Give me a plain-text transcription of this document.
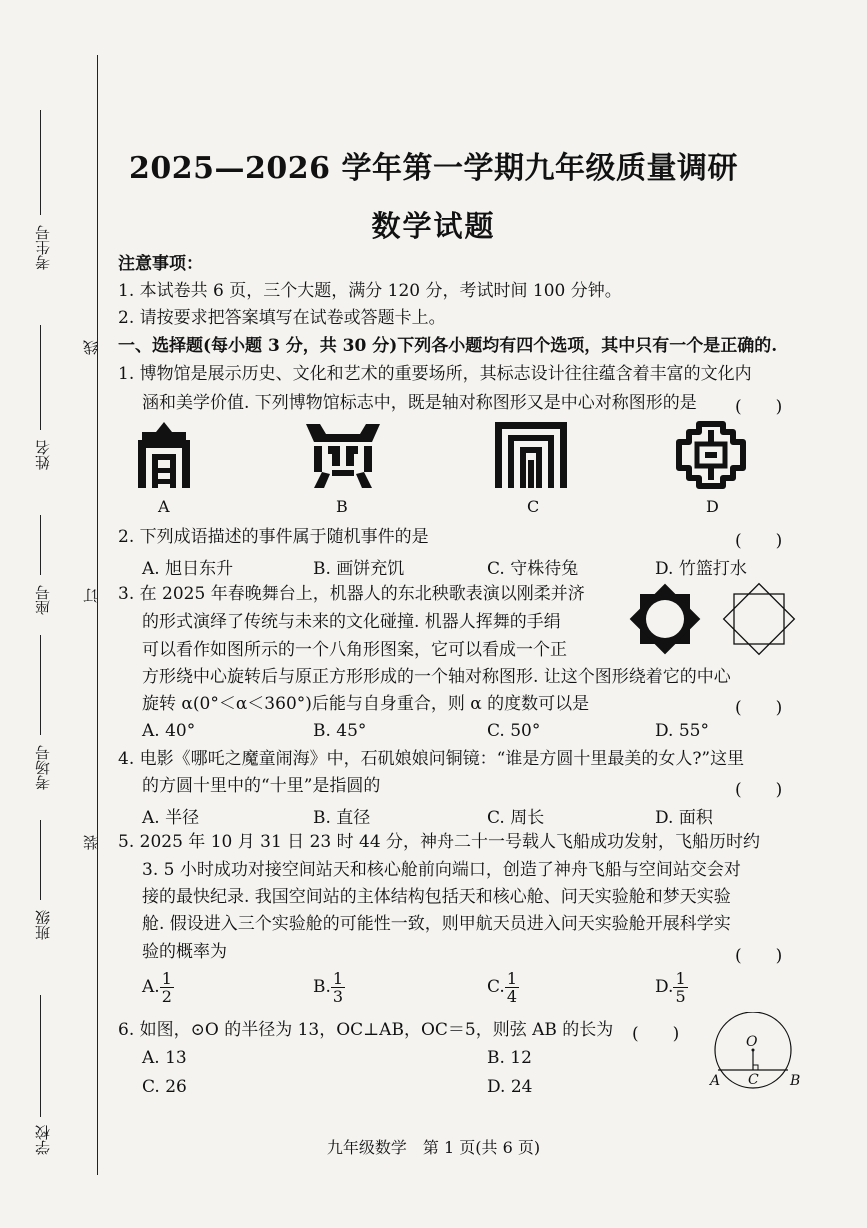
考生号
姓名
座号
考场号
班级
学校
线
订
装
2025—2026 学年第一学期九年级质量调研
数学试题
注意事项：
1. 本试卷共 6 页，三个大题，满分 120 分，考试时间 100 分钟。
2. 请按要求把答案填写在试卷或答题卡上。
一、选择题(每小题 3 分，共 30 分)下列各小题均有四个选项，其中只有一个是正确的.
1. 博物馆是展示历史、文化和艺术的重要场所，其标志设计往往蕴含着丰富的文化内
涵和美学价值. 下列博物馆标志中，既是轴对称图形又是中心对称图形的是 (　　)
A	B	C	D
2. 下列成语描述的事件属于随机事件的是	(　　)
A. 旭日东升	B. 画饼充饥	C. 守株待兔	D. 竹篮打水
3. 在 2025 年春晚舞台上，机器人的东北秧歌表演以刚柔并济
的形式演绎了传统与未来的文化碰撞. 机器人挥舞的手绢
可以看作如图所示的一个八角形图案，它可以看成一个正
方形绕中心旋转后与原正方形形成的一个轴对称图形. 让这个图形绕着它的中心
旋转 α(0°＜α＜360°)后能与自身重合，则 α 的度数可以是	(　　)
A. 40°	B. 45°	C. 50°	D. 55°
4. 电影《哪吒之魔童闹海》中，石矶娘娘问铜镜：“谁是方圆十里最美的女人?”这里
的方圆十里中的“十里”是指圆的	(　　)
A. 半径	B. 直径	C. 周长	D. 面积
5. 2025 年 10 月 31 日 23 时 44 分，神舟二十一号载人飞船成功发射，飞船历时约
3. 5 小时成功对接空间站天和核心舱前向端口，创造了神舟飞船与空间站交会对
接的最快纪录. 我国空间站的主体结构包括天和核心舱、问天实验舱和梦天实验
舱. 假设进入三个实验舱的可能性一致，则甲航天员进入问天实验舱开展科学实
验的概率为	(　　)
A. $\frac{1}{2}$	B. $\frac{1}{3}$	C. $\frac{1}{4}$	D. $\frac{1}{5}$
6. 如图，⊙O 的半径为 13，OC⊥AB，OC＝5，则弦 AB 的长为 (　　)
A. 13	B. 12
C. 26	D. 24
O
A C B
九年级数学　第 1 页(共 6 页)
